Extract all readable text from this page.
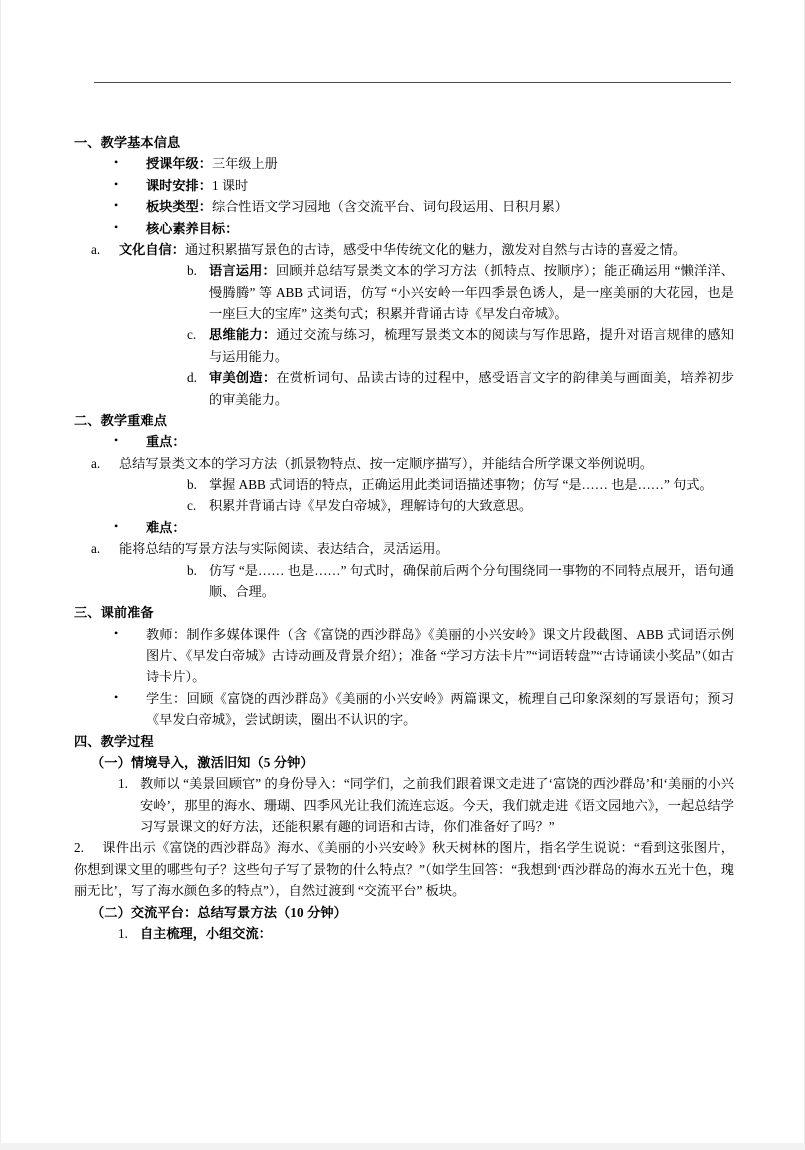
一、教学基本信息

• 授课年级：三年级上册

• 课时安排：1 课时

• 板块类型：综合性语文学习园地（含交流平台、词句段运用、日积月累）

• 核心素养目标：

a. 文化自信：通过积累描写景色的古诗，感受中华传统文化的魅力，激发对自然与古诗的喜爱之情。

b. 语言运用：回顾并总结写景类文本的学习方法（抓特点、按顺序）；能正确运用 “懒洋洋、慢腾腾” 等 ABB 式词语，仿写 “小兴安岭一年四季景色诱人，是一座美丽的大花园，也是一座巨大的宝库” 这类句式；积累并背诵古诗《早发白帝城》。

c. 思维能力：通过交流与练习，梳理写景类文本的阅读与写作思路，提升对语言规律的感知与运用能力。

d. 审美创造：在赏析词句、品读古诗的过程中，感受语言文字的韵律美与画面美，培养初步的审美能力。

二、教学重难点

• 重点：

a. 总结写景类文本的学习方法（抓景物特点、按一定顺序描写），并能结合所学课文举例说明。

b. 掌握 ABB 式词语的特点，正确运用此类词语描述事物；仿写 “是…… 也是……” 句式。

c. 积累并背诵古诗《早发白帝城》，理解诗句的大致意思。

• 难点：

a. 能将总结的写景方法与实际阅读、表达结合，灵活运用。

b. 仿写 “是…… 也是……” 句式时，确保前后两个分句围绕同一事物的不同特点展开，语句通顺、合理。

三、课前准备

• 教师：制作多媒体课件（含《富饶的西沙群岛》《美丽的小兴安岭》课文片段截图、ABB 式词语示例图片、《早发白帝城》古诗动画及背景介绍）；准备 “学习方法卡片”“词语转盘”“古诗诵读小奖品”（如古诗卡片）。

• 学生：回顾《富饶的西沙群岛》《美丽的小兴安岭》两篇课文，梳理自己印象深刻的写景语句；预习《早发白帝城》，尝试朗读，圈出不认识的字。

四、教学过程

（一）情境导入，激活旧知（5 分钟）

1. 教师以 “美景回顾官” 的身份导入：“同学们，之前我们跟着课文走进了‘富饶的西沙群岛’和‘美丽的小兴安岭’，那里的海水、珊瑚、四季风光让我们流连忘返。今天，我们就走进《语文园地六》，一起总结学习写景课文的好方法，还能积累有趣的词语和古诗，你们准备好了吗？”

2. 课件出示《富饶的西沙群岛》海水、《美丽的小兴安岭》秋天树林的图片，指名学生说说：“看到这张图片，你想到课文里的哪些句子？这些句子写了景物的什么特点？”（如学生回答：“我想到‘西沙群岛的海水五光十色，瑰丽无比’，写了海水颜色多的特点”），自然过渡到 “交流平台” 板块。

（二）交流平台：总结写景方法（10 分钟）

1. 自主梳理，小组交流：
